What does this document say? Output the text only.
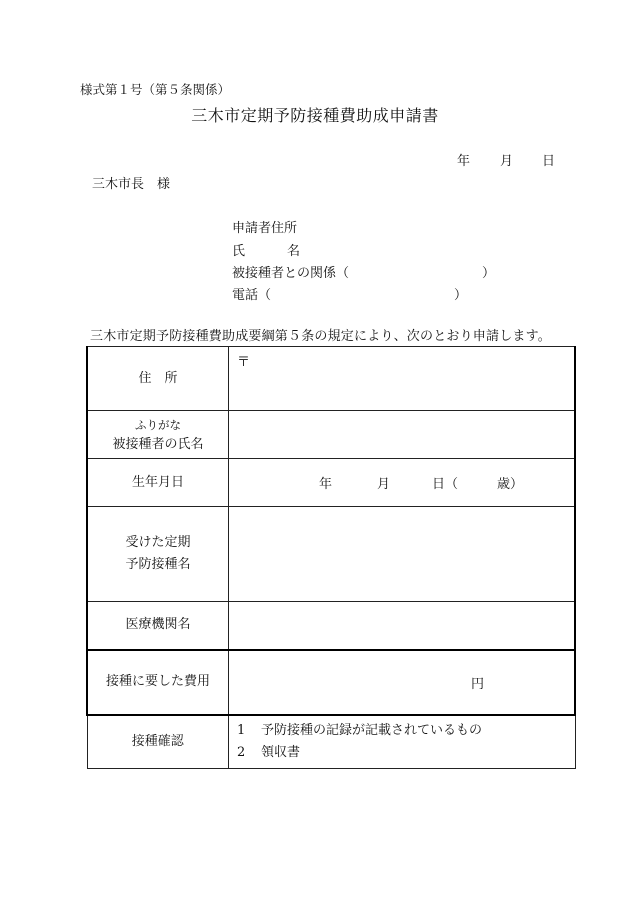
様式第１号（第５条関係）
三木市定期予防接種費助成申請書
年 月 日
三木市長　様
申請者住所
氏	名
被接種者との関係（	）
電話（	）
三木市定期予防接種費助成要綱第５条の規定により、次のとおり申請します。
住　 所	〒

ふりがな
被接種者の氏名	

生年月日	年 月 日（ 歳）

受けた定期
予防接種名	

医療機関名	
接種に要した費用	円
接種確認	1 予防接種の記録が記載されているもの
2 領収書
